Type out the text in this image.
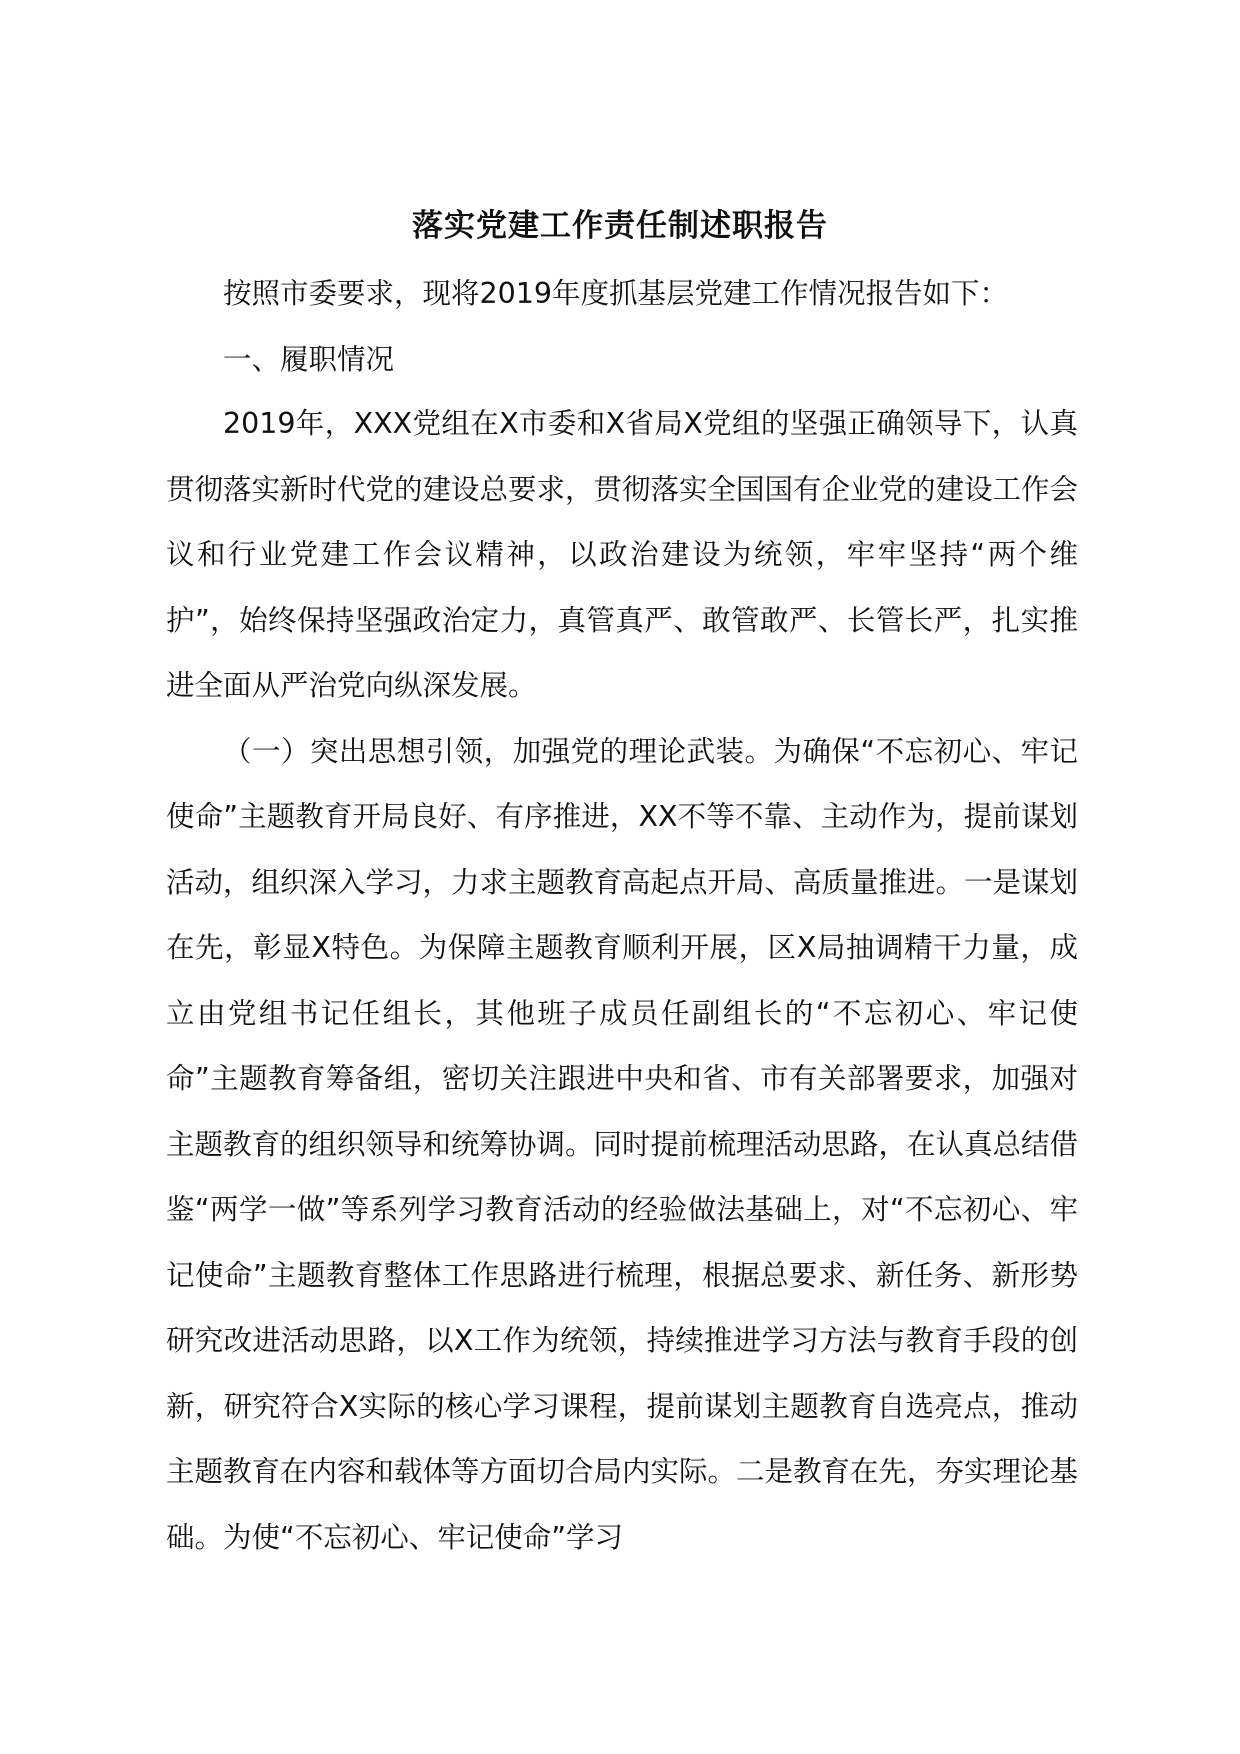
落实党建工作责任制述职报告

按照市委要求，现将2019年度抓基层党建工作情况报告如下：

一、履职情况

2019年，XXX党组在X市委和X省局X党组的坚强正确领导下，认真贯彻落实新时代党的建设总要求，贯彻落实全国国有企业党的建设工作会议和行业党建工作会议精神，以政治建设为统领，牢牢坚持“两个维护”，始终保持坚强政治定力，真管真严、敢管敢严、长管长严，扎实推进全面从严治党向纵深发展。

（一）突出思想引领，加强党的理论武装。为确保“不忘初心、牢记使命”主题教育开局良好、有序推进，XX不等不靠、主动作为，提前谋划活动，组织深入学习，力求主题教育高起点开局、高质量推进。一是谋划在先，彰显X特色。为保障主题教育顺利开展，区X局抽调精干力量，成立由党组书记任组长，其他班子成员任副组长的“不忘初心、牢记使命”主题教育筹备组，密切关注跟进中央和省、市有关部署要求，加强对主题教育的组织领导和统筹协调。同时提前梳理活动思路，在认真总结借鉴“两学一做”等系列学习教育活动的经验做法基础上，对“不忘初心、牢记使命”主题教育整体工作思路进行梳理，根据总要求、新任务、新形势研究改进活动思路，以X工作为统领，持续推进学习方法与教育手段的创新，研究符合X实际的核心学习课程，提前谋划主题教育自选亮点，推动主题教育在内容和载体等方面切合局内实际。二是教育在先，夯实理论基础。为使“不忘初心、牢记使命”学习
